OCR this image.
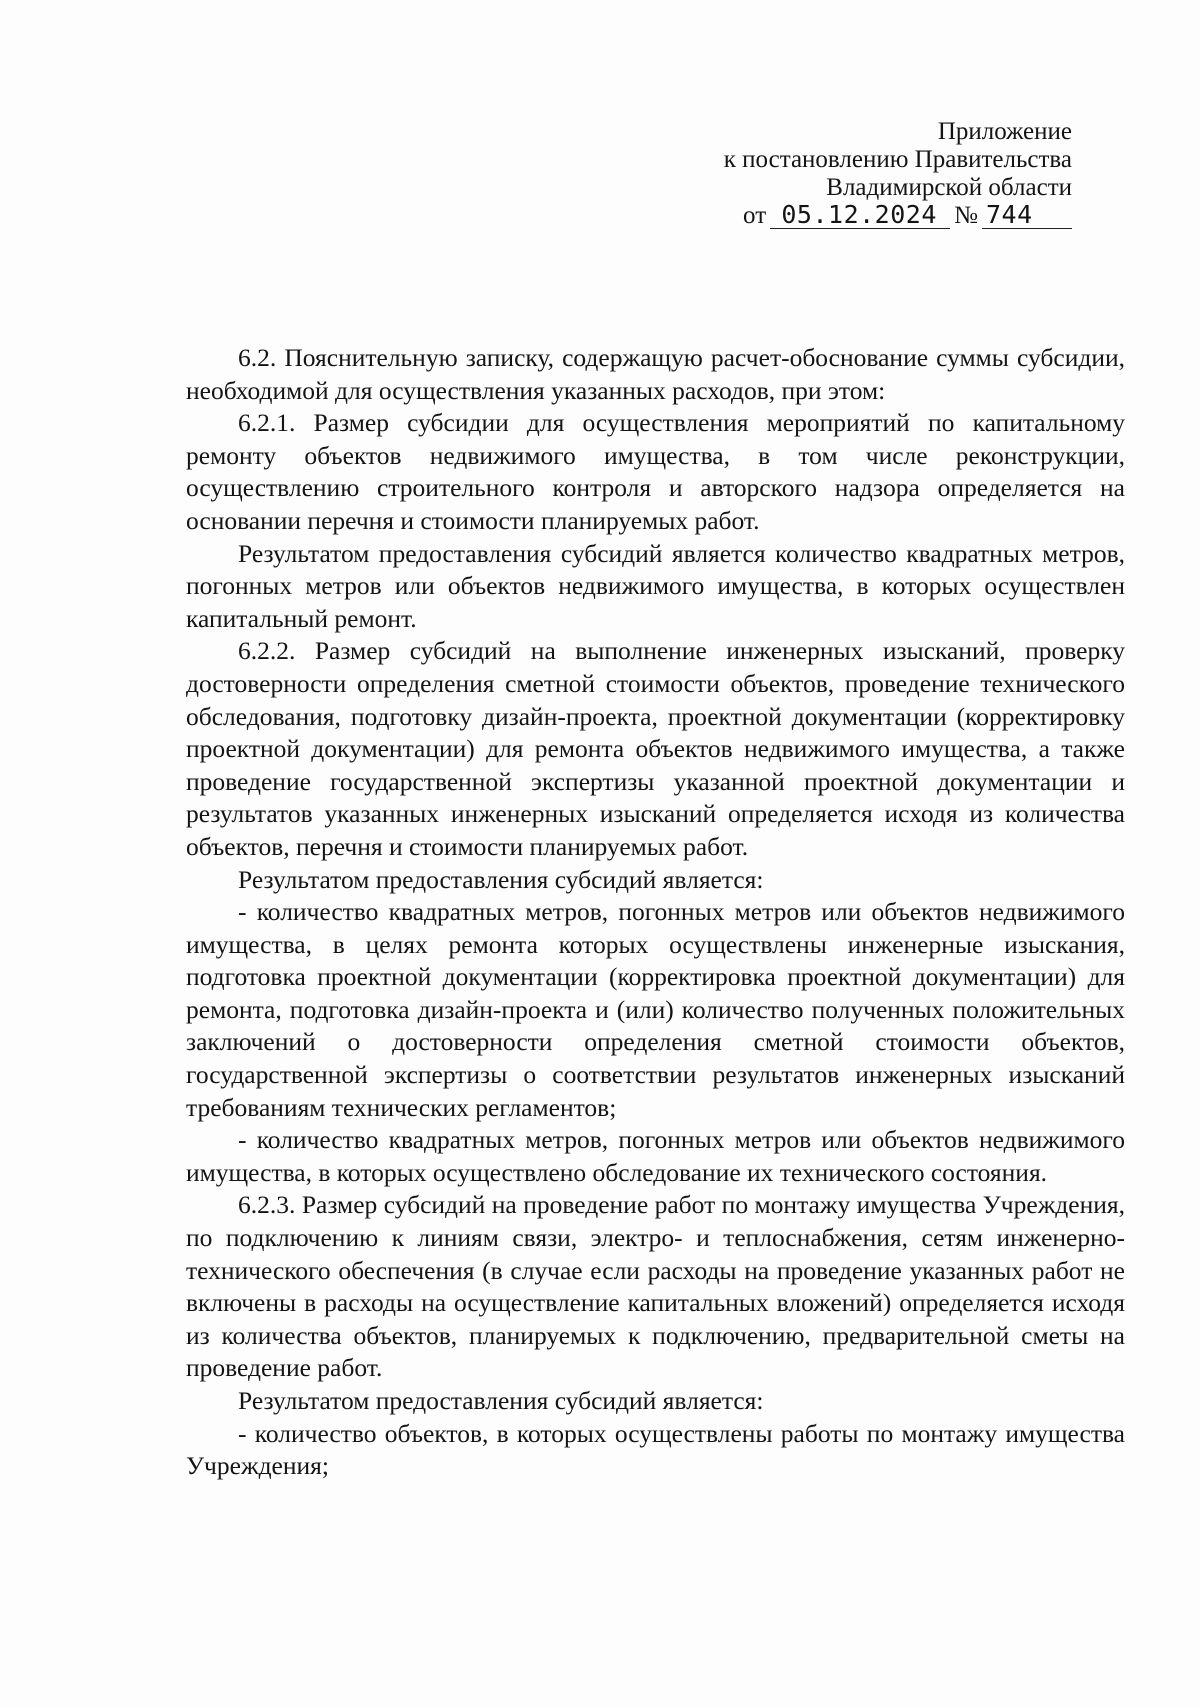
Приложение
к постановлению Правительства
Владимирской области
от 05.12.2024 № 744

6.2. Пояснительную записку, содержащую расчет-обоснование суммы субсидии, необходимой для осуществления указанных расходов, при этом:

6.2.1. Размер субсидии для осуществления мероприятий по капитальному ремонту объектов недвижимого имущества, в том числе реконструкции, осуществлению строительного контроля и авторского надзора определяется на основании перечня и стоимости планируемых работ.

Результатом предоставления субсидий является количество квадратных метров, погонных метров или объектов недвижимого имущества, в которых осуществлен капитальный ремонт.

6.2.2. Размер субсидий на выполнение инженерных изысканий, проверку достоверности определения сметной стоимости объектов, проведение технического обследования, подготовку дизайн-проекта, проектной документации (корректировку проектной документации) для ремонта объектов недвижимого имущества, а также проведение государственной экспертизы указанной проектной документации и результатов указанных инженерных изысканий определяется исходя из количества объектов, перечня и стоимости планируемых работ.

Результатом предоставления субсидий является:

- количество квадратных метров, погонных метров или объектов недвижимого имущества, в целях ремонта которых осуществлены инженерные изыскания, подготовка проектной документации (корректировка проектной документации) для ремонта, подготовка дизайн-проекта и (или) количество полученных положительных заключений о достоверности определения сметной стоимости объектов, государственной экспертизы о соответствии результатов инженерных изысканий требованиям технических регламентов;

- количество квадратных метров, погонных метров или объектов недвижимого имущества, в которых осуществлено обследование их технического состояния.

6.2.3. Размер субсидий на проведение работ по монтажу имущества Учреждения, по подключению к линиям связи, электро- и теплоснабжения, сетям инженерно-технического обеспечения (в случае если расходы на проведение указанных работ не включены в расходы на осуществление капитальных вложений) определяется исходя из количества объектов, планируемых к подключению, предварительной сметы на проведение работ.

Результатом предоставления субсидий является:

- количество объектов, в которых осуществлены работы по монтажу имущества Учреждения;
